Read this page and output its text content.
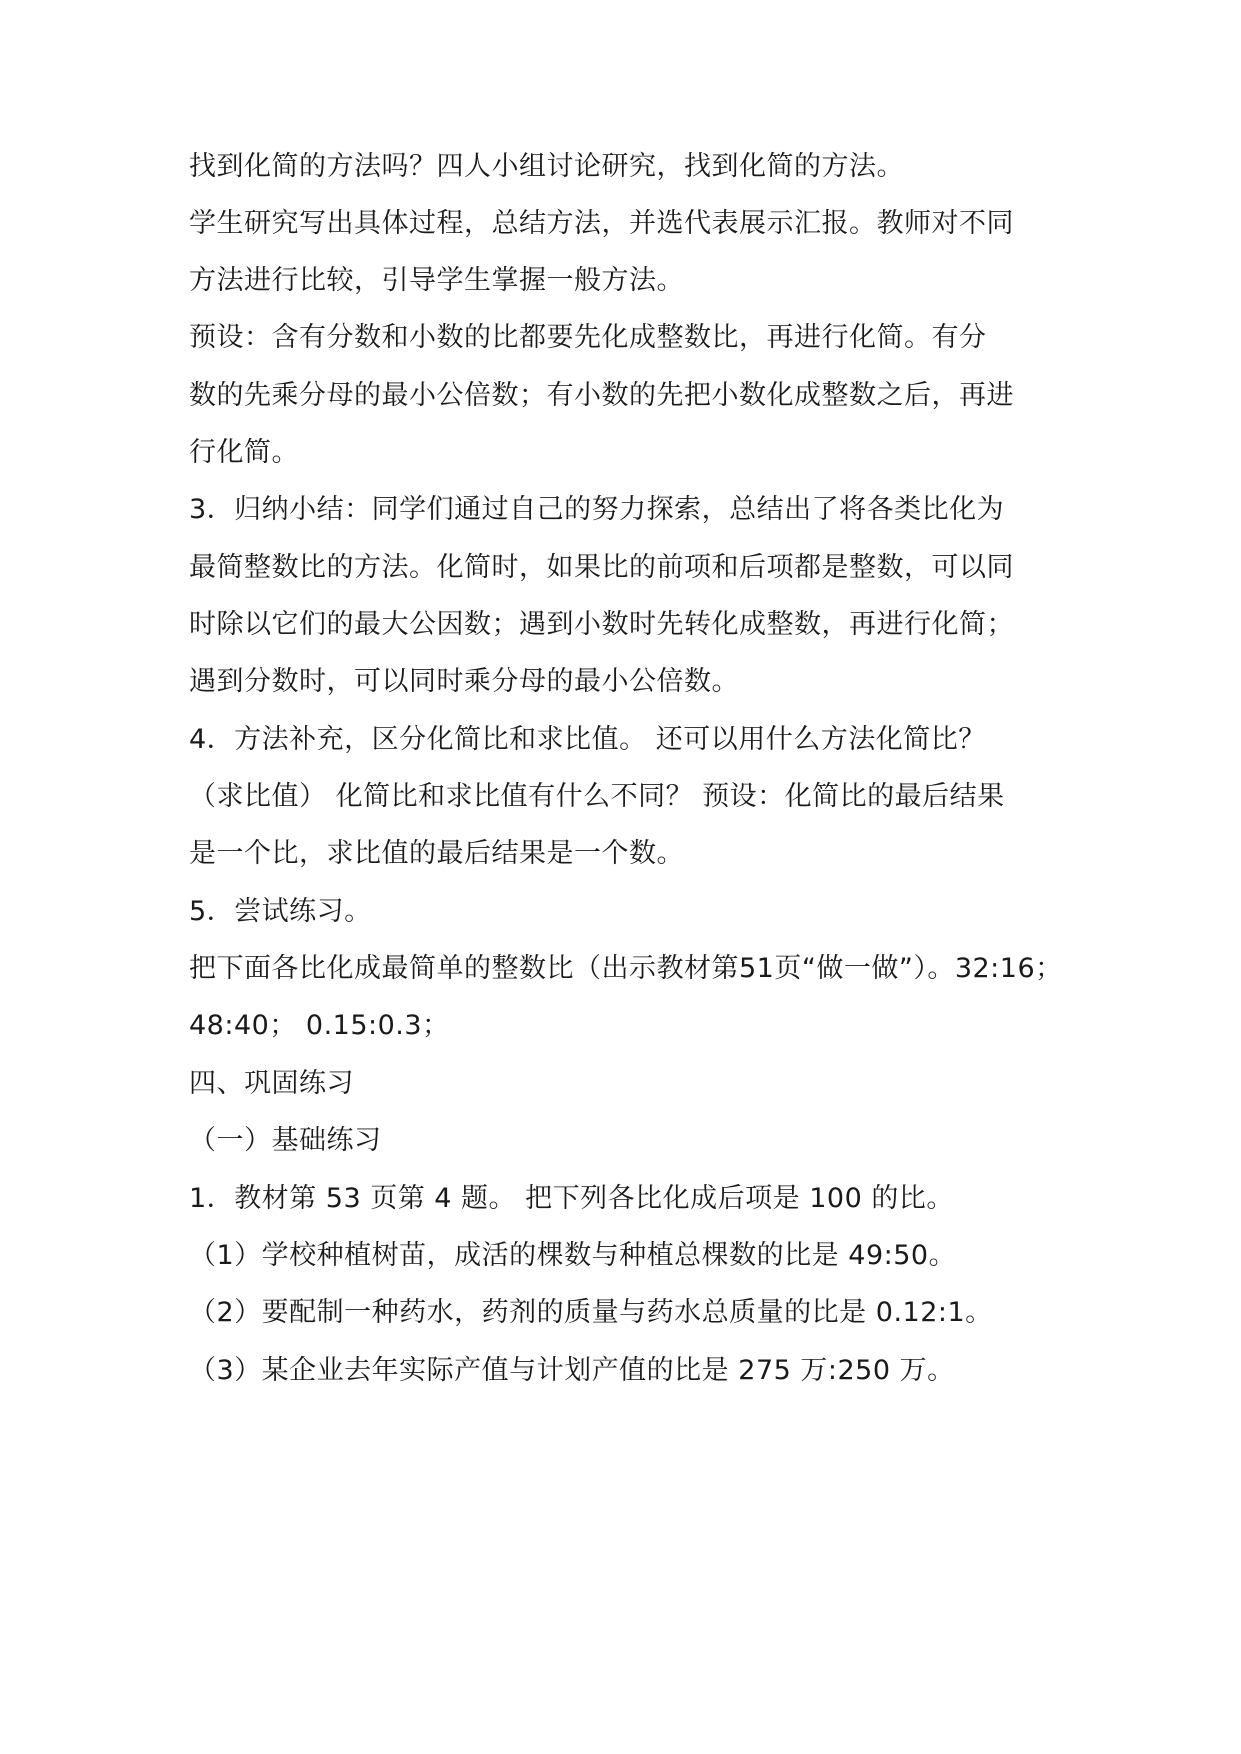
找到化简的方法吗？四人小组讨论研究，找到化简的方法。
学生研究写出具体过程，总结方法，并选代表展示汇报。教师对不同
方法进行比较，引导学生掌握一般方法。
预设：含有分数和小数的比都要先化成整数比，再进行化简。有分
数的先乘分母的最小公倍数；有小数的先把小数化成整数之后，再进
行化简。
3．归纳小结：同学们通过自己的努力探索，总结出了将各类比化为
最简整数比的方法。化简时，如果比的前项和后项都是整数，可以同
时除以它们的最大公因数；遇到小数时先转化成整数，再进行化简；
遇到分数时，可以同时乘分母的最小公倍数。
4．方法补充，区分化简比和求比值。 还可以用什么方法化简比？
（求比值） 化简比和求比值有什么不同？ 预设：化简比的最后结果
是一个比，求比值的最后结果是一个数。
5．尝试练习。
把下面各比化成最简单的整数比（出示教材第51页“做一做”）。32:16；
48:40； 0.15:0.3；
四、巩固练习
（一）基础练习
1．教材第 53 页第 4 题。 把下列各比化成后项是 100 的比。
（1）学校种植树苗，成活的棵数与种植总棵数的比是 49:50。
（2）要配制一种药水，药剂的质量与药水总质量的比是 0.12:1。
（3）某企业去年实际产值与计划产值的比是 275 万:250 万。
